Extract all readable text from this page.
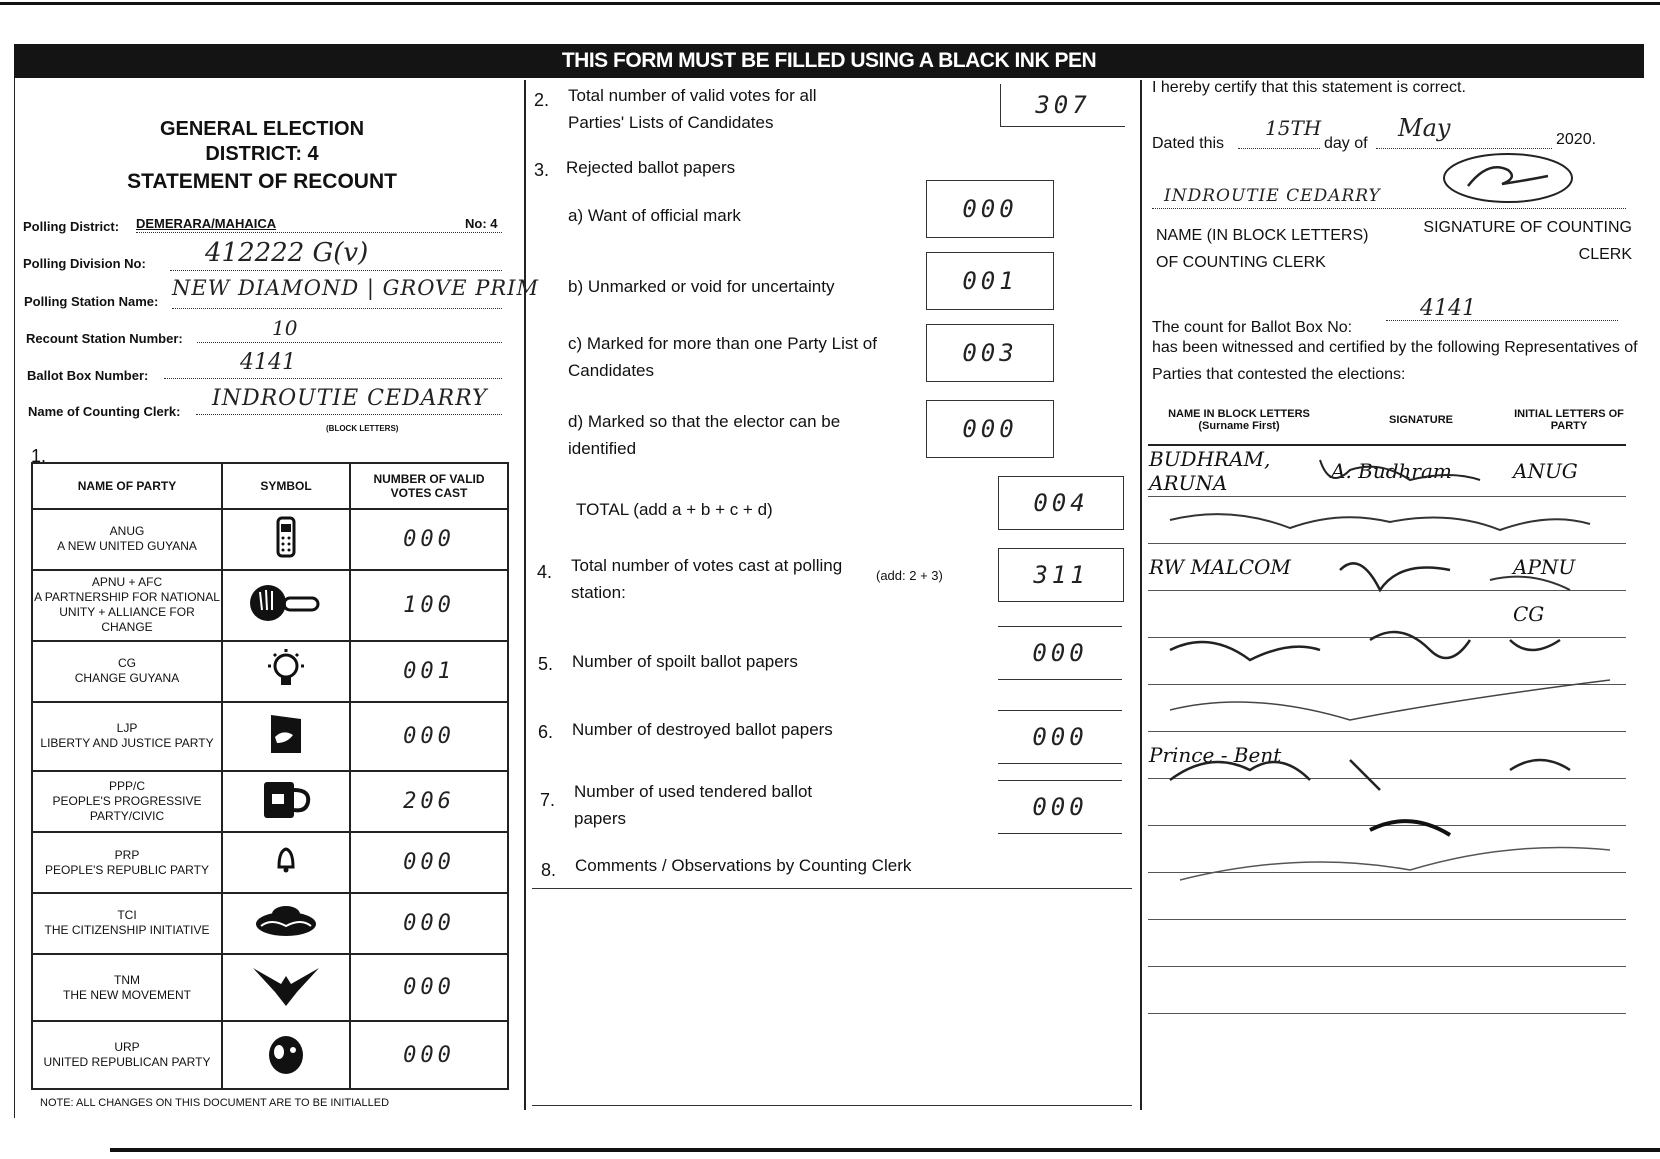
THIS FORM MUST BE FILLED USING A BLACK INK PEN
GENERAL ELECTION
DISTRICT: 4
STATEMENT OF RECOUNT
Polling District: DEMERARA/MAHAICA	No: 4
Polling Division No: 412222 G(v)
Polling Station Name:
NEW DIAMOND | GROVE PRIM
Recount Station Number:	10
Ballot Box Number:
4141
Name of Counting Clerk:
INDROUTIE CEDARRY
(BLOCK LETTERS)
1.
NAME OF PARTY	SYMBOL	NUMBER OF VALID VOTES CAST

ANUG
A NEW UNITED GUYANA		000

APNU + AFC
A PARTNERSHIP FOR NATIONAL UNITY + ALLIANCE FOR CHANGE		100

CG
CHANGE GUYANA		001

LJP
LIBERTY AND JUSTICE PARTY		000

PPP/C
PEOPLE'S PROGRESSIVE PARTY/CIVIC		206

PRP
PEOPLE'S REPUBLIC PARTY		000

TCI
THE CITIZENSHIP INITIATIVE		000

TNM
THE NEW MOVEMENT		000

URP
UNITED REPUBLICAN PARTY		000
NOTE: ALL CHANGES ON THIS DOCUMENT ARE TO BE INITIALLED
2. Total number of valid votes for all Parties' Lists of Candidates
307
3. Rejected ballot papers
a) Want of official mark	000
b) Unmarked or void for uncertainty	001
c) Marked for more than one Party List of Candidates
003
d) Marked so that the elector can be identified
000
TOTAL (add a + b + c + d)	004
4. Total number of votes cast at polling station:
(add: 2 + 3)	311
5. Number of spoilt ballot papers	000
6. Number of destroyed ballot papers	000
7. Number of used tendered ballot papers	000
8. Comments / Observations by Counting Clerk
I hereby certify that this statement is correct.
Dated this
15TH
day of
May	2020.
INDROUTIE CEDARRY
NAME (IN BLOCK LETTERS) OF COUNTING CLERK
SIGNATURE OF COUNTING CLERK
The count for Ballot Box No:
4141
has been witnessed and certified by the following Representatives of Parties that contested the elections:
NAME IN BLOCK LETTERS (Surname First)	SIGNATURE	INITIAL LETTERS OF PARTY
BUDHRAM, ARUNA	A. Budhram	ANUG

RW MALCOM		APNU
		CG

Prince - Bent		
